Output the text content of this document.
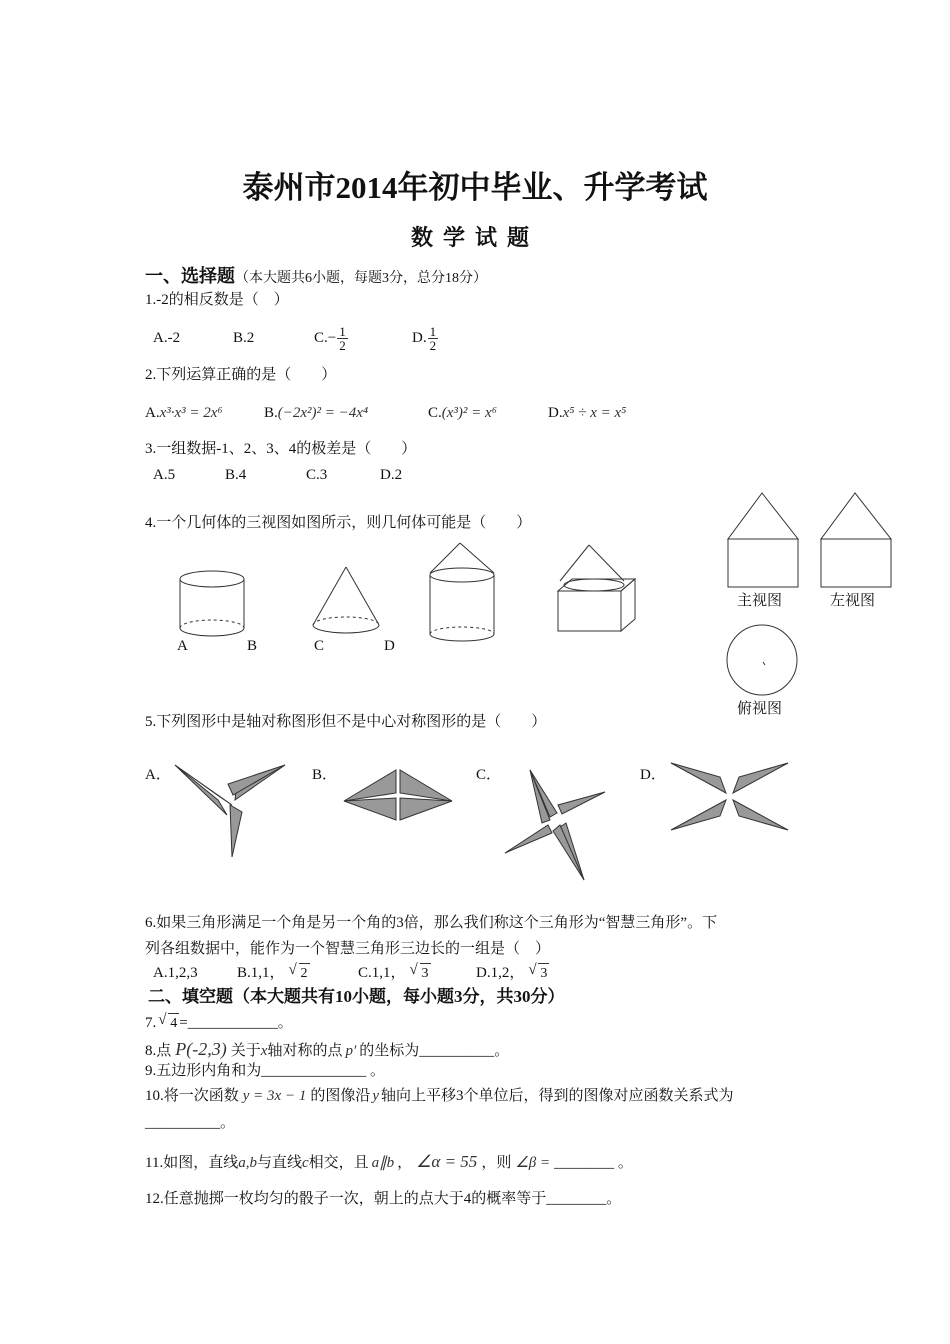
泰州市2014年初中毕业、升学考试
数学试题
一、选择题（本大题共6小题，每题3分，总分18分）
1.-2的相反数是（　）
A.-2	B.2	$C.- \frac{1}{2}$	D. $\frac{1}{2}$
2.下列运算正确的是（　　）
A.x³·x³ = 2x⁶	B.(−2x²)² = −4x⁴	C.(x³)² = x⁶	D.x⁵ ÷ x = x⁵
3.一组数据-1、2、3、4的极差是（　　）
A.5	B.4	C.3	D.2
4.一个几何体的三视图如图所示，则几何体可能是（　　）
A	B	C	D
主视图	左视图
俯视图
5.下列图形中是轴对称图形但不是中心对称图形的是（　　）
A．	B．	C．	D．
6.如果三角形满足一个角是另一个角的3倍，那么我们称这个三角形为“智慧三角形”。下
列各组数据中，能作为一个智慧三角形三边长的一组是（　）
A.1,2,3	B.1,1， √ 2	C.1,1， √ 3	D.1,2， √ 3
二、填空题（本大题共有10小题，每小题3分，共30分）
7. √ 4 =____________。
8.点 P(-2,3) 关于x轴对称的点 p′ 的坐标为__________。
9.五边形内角和为______________ 。
10.将一次函数 y = 3x − 1 的图像沿 y 轴向上平移3个单位后，得到的图像对应函数关系式为
__________。
11.如图，直线a,b与直线c相交，且 a∥b ， ∠α = 55 ，则 ∠β = ________ 。
12.任意抛掷一枚均匀的骰子一次，朝上的点大于4的概率等于________。
